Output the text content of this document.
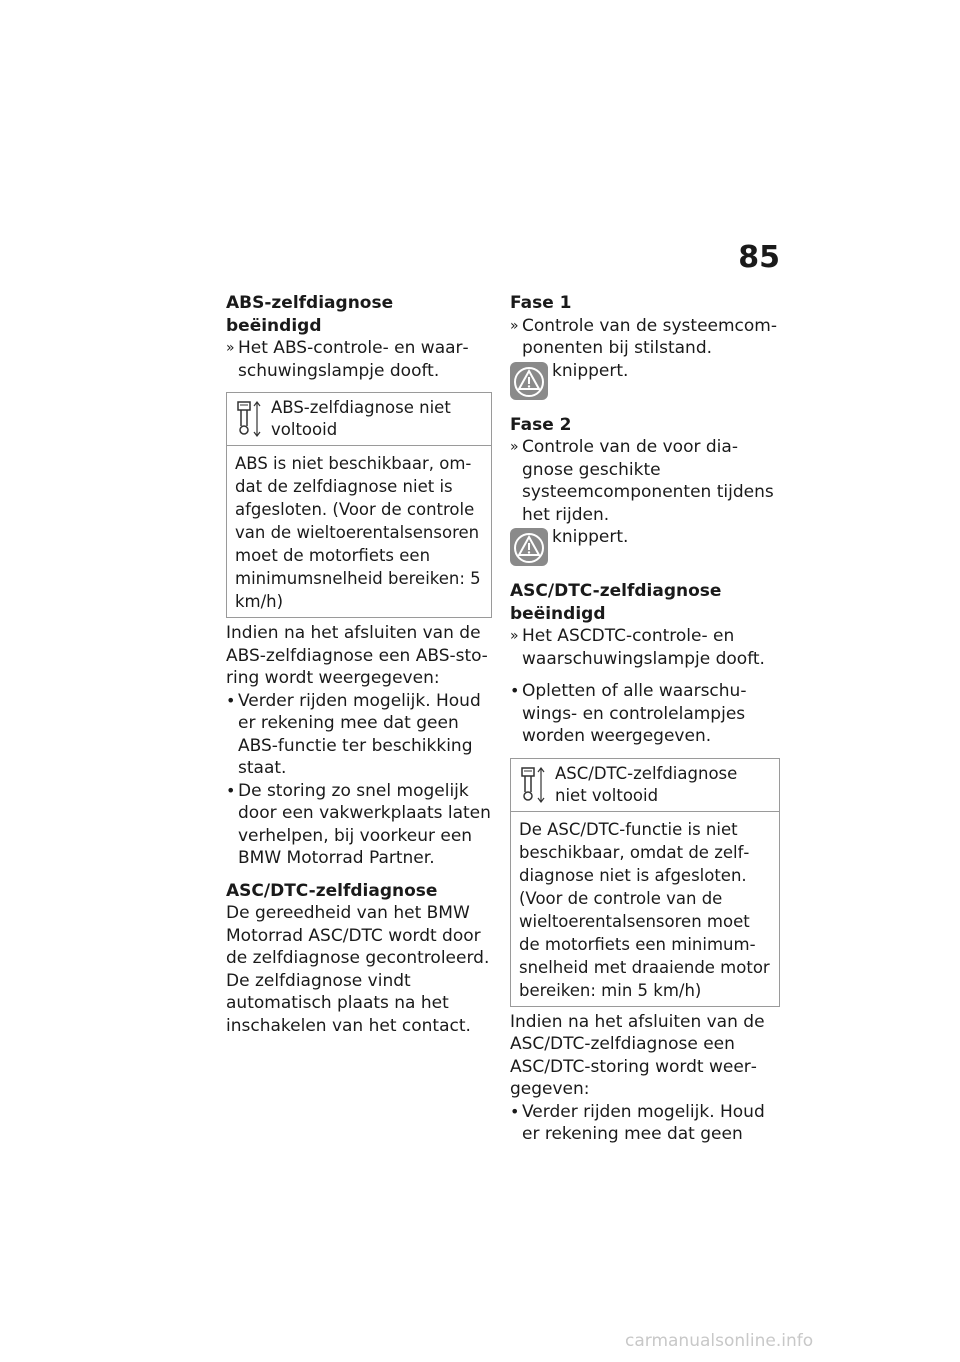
85

ABS-zelfdiagnose beëindigd

» Het ABS-controle- en waarschuwingslampje dooft.
ABS-zelfdiagnose niet voltooid
ABS is niet beschikbaar, omdat de zelfdiagnose niet is afgesloten. (Voor de controle van de wieltoerentalsensoren moet de motorfiets een minimumsnelheid bereiken: 5 km/h)

Indien na het afsluiten van de ABS-zelfdiagnose een ABS-storing wordt weergegeven:

• Verder rijden mogelijk. Houd er rekening mee dat geen ABS-functie ter beschikking staat.
• De storing zo snel mogelijk door een vakwerkplaats laten verhelpen, bij voorkeur een BMW Motorrad Partner.

ASC/DTC-zelfdiagnose

De gereedheid van het BMW Motorrad ASC/DTC wordt door de zelfdiagnose gecontroleerd. De zelfdiagnose vindt automatisch plaats na het inschakelen van het contact.

Fase 1

» Controle van de systeemcomponenten bij stilstand.
knippert.

Fase 2

» Controle van de voor diagnose geschikte systeemcomponenten tijdens het rijden.
knippert.

ASC/DTC-zelfdiagnose beëindigd

» Het ASCDTC-controle- en waarschuwingslampje dooft.
• Opletten of alle waarschuwings- en controlelampjes worden weergegeven.
ASC/DTC-zelfdiagnose niet voltooid
De ASC/DTC-functie is niet beschikbaar, omdat de zelfdiagnose niet is afgesloten. (Voor de controle van de wieltoerentalsensoren moet de motorfiets een minimumsnelheid met draaiende motor bereiken: min 5 km/h)

Indien na het afsluiten van de ASC/DTC-zelfdiagnose een ASC/DTC-storing wordt weergegeven:

• Verder rijden mogelijk. Houd er rekening mee dat geen
carmanualsonline.info
